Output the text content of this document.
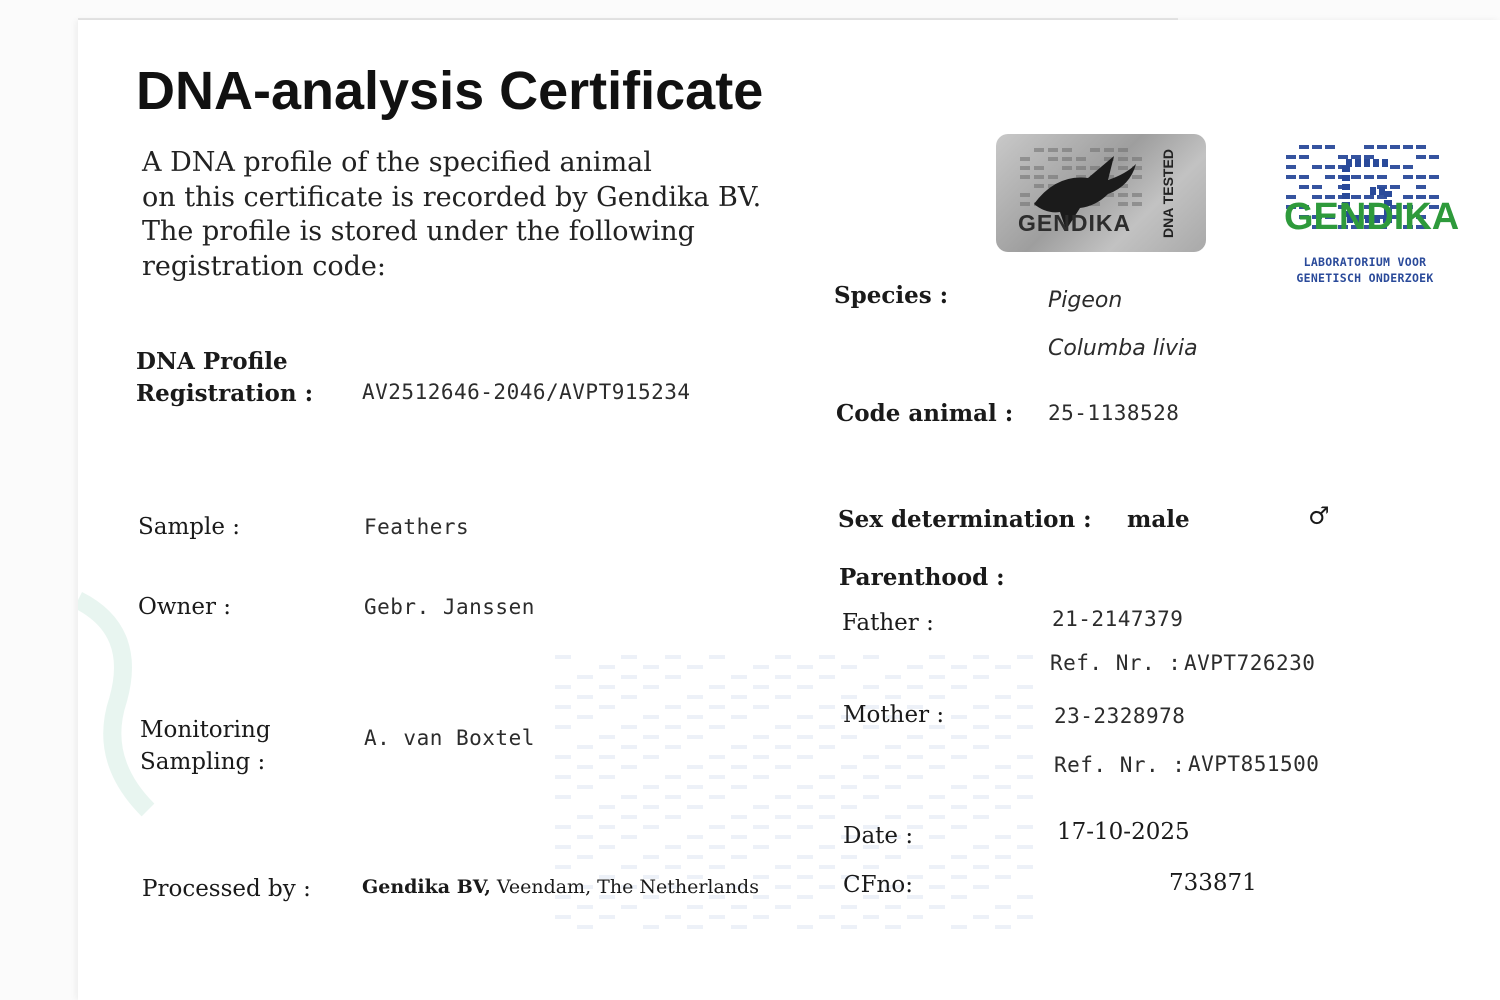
DNA-analysis Certificate
A DNA profile of the specified animal
on this certificate is recorded by Gendika BV.
The profile is stored under the following
registration code:
GENDIKA DNA TESTED	GENDIKA
LABORATORIUM VOOR
GENETISCH ONDERZOEK
DNA Profile
Registration : AV2512646-2046/AVPT915234
Sample :	Feathers
Owner :	Gebr. Janssen
Monitoring
Sampling :
A. van Boxtel
Processed by :	Gendika BV, Veendam, The Netherlands
Species :	Pigeon
Columba livia
Code animal : 25-1138528
Sex determination : male	♂
Parenthood :
Father :	21-2147379
Ref. Nr. : AVPT726230
Mother :	23-2328978
Ref. Nr. : AVPT851500
Date :	17-10-2025
CFno:	733871
